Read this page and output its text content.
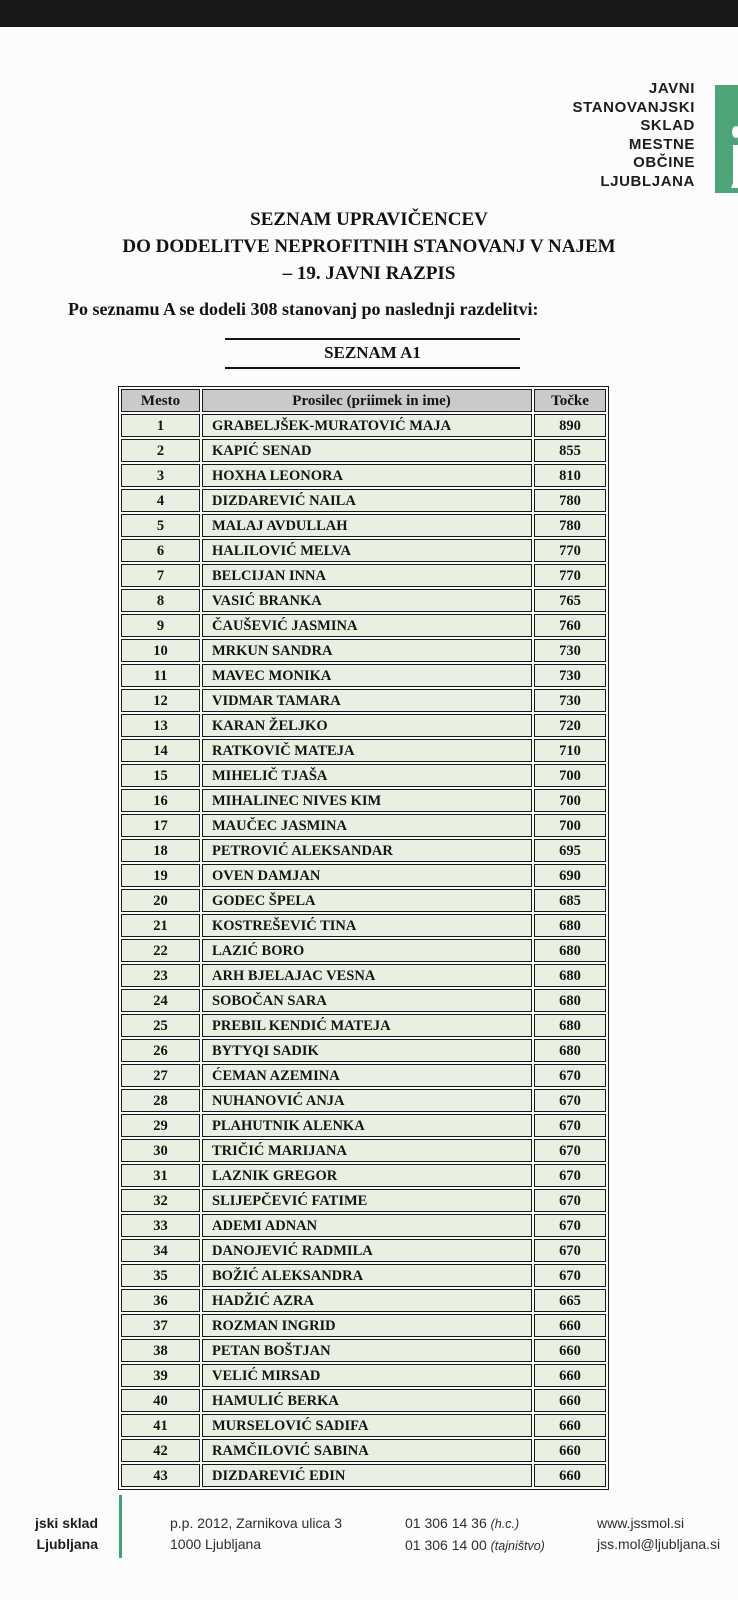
JAVNI
STANOVANJSKI
SKLAD
MESTNE
OBČINE
LJUBLJANA
SEZNAM UPRAVIČENCEV
DO DODELITVE NEPROFITNIH STANOVANJ V NAJEM
– 19. JAVNI RAZPIS
Po seznamu A se dodeli 308 stanovanj po naslednji razdelitvi:
SEZNAM A1
Mesto	Prosilec (priimek in ime)	Točke
1	GRABELJŠEK-MURATOVIĆ MAJA	890
2	KAPIĆ SENAD	855
3	HOXHA LEONORA	810
4	DIZDAREVIĆ NAILA	780
5	MALAJ AVDULLAH	780
6	HALILOVIĆ MELVA	770
7	BELCIJAN INNA	770
8	VASIĆ BRANKA	765
9	ČAUŠEVIĆ JASMINA	760
10	MRKUN SANDRA	730
11	MAVEC MONIKA	730
12	VIDMAR TAMARA	730
13	KARAN ŽELJKO	720
14	RATKOVIČ MATEJA	710
15	MIHELIČ TJAŠA	700
16	MIHALINEC NIVES KIM	700
17	MAUČEC JASMINA	700
18	PETROVIĆ ALEKSANDAR	695
19	OVEN DAMJAN	690
20	GODEC ŠPELA	685
21	KOSTREŠEVIĆ TINA	680
22	LAZIĆ BORO	680
23	ARH BJELAJAC VESNA	680
24	SOBOČAN SARA	680
25	PREBIL KENDIĆ MATEJA	680
26	BYTYQI SADIK	680
27	ĆEMAN AZEMINA	670
28	NUHANOVIĆ ANJA	670
29	PLAHUTNIK ALENKA	670
30	TRIČIĆ MARIJANA	670
31	LAZNIK GREGOR	670
32	SLIJEPČEVIĆ FATIME	670
33	ADEMI ADNAN	670
34	DANOJEVIĆ RADMILA	670
35	BOŽIĆ ALEKSANDRA	670
36	HADŽIĆ AZRA	665
37	ROZMAN INGRID	660
38	PETAN BOŠTJAN	660
39	VELIĆ MIRSAD	660
40	HAMULIĆ BERKA	660
41	MURSELOVIĆ SADIFA	660
42	RAMČILOVIĆ SABINA	660
43	DIZDAREVIĆ EDIN	660
jski sklad
Ljubljana
p.p. 2012, Zarnikova ulica 3
1000 Ljubljana
01 306 14 36 (h.c.)
01 306 14 00 (tajništvo)
www.jssmol.si
jss.mol@ljubljana.si
